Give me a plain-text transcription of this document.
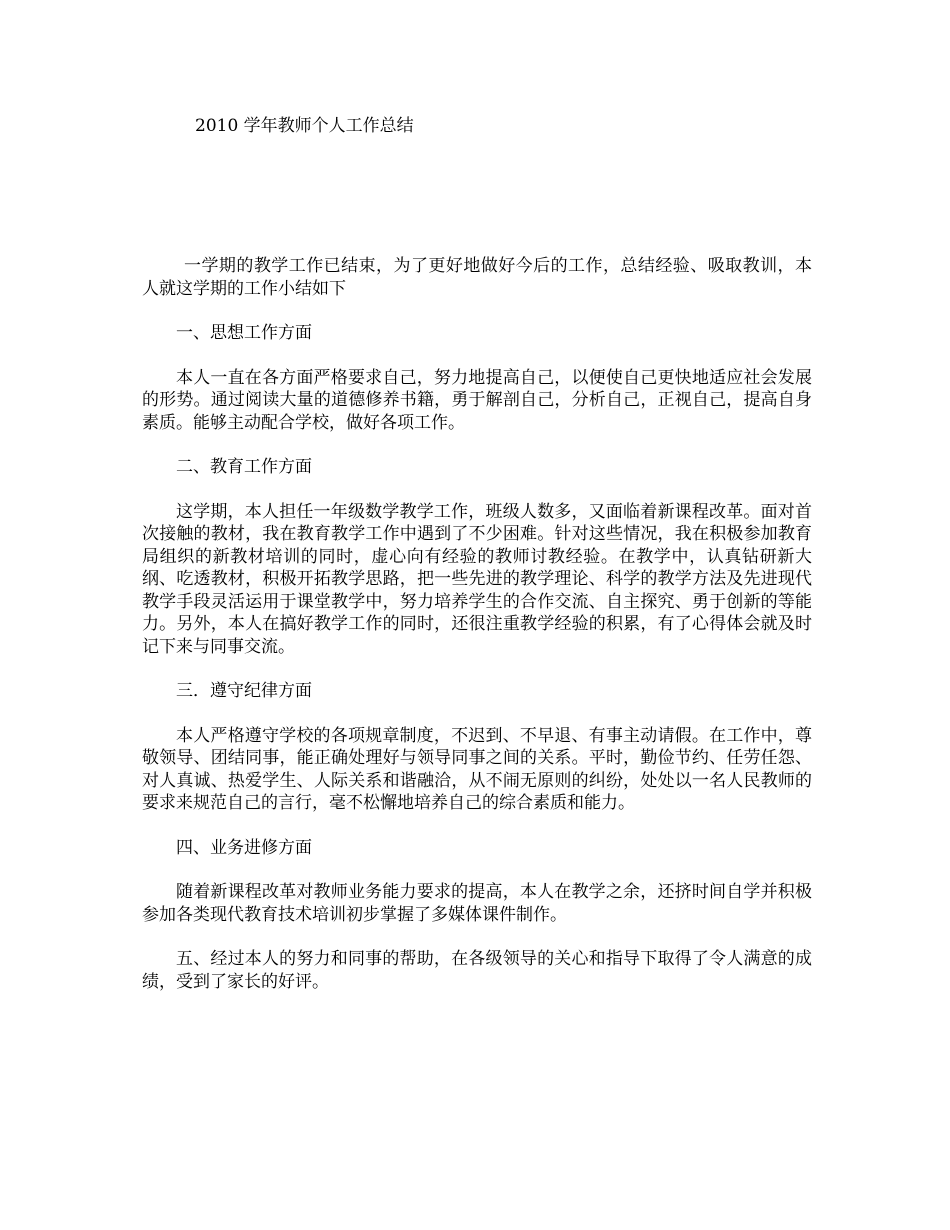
2010 学年教师个人工作总结

一学期的教学工作已结束，为了更好地做好今后的工作，总结经验、吸取教训，本人就这学期的工作小结如下

一、思想工作方面

本人一直在各方面严格要求自己，努力地提高自己，以便使自己更快地适应社会发展的形势。通过阅读大量的道德修养书籍，勇于解剖自己，分析自己，正视自己，提高自身素质。能够主动配合学校，做好各项工作。

二、教育工作方面

这学期，本人担任一年级数学教学工作，班级人数多，又面临着新课程改革。面对首次接触的教材，我在教育教学工作中遇到了不少困难。针对这些情况，我在积极参加教育局组织的新教材培训的同时，虚心向有经验的教师讨教经验。在教学中，认真钻研新大纲、吃透教材，积极开拓教学思路，把一些先进的教学理论、科学的教学方法及先进现代教学手段灵活运用于课堂教学中，努力培养学生的合作交流、自主探究、勇于创新的等能力。另外，本人在搞好教学工作的同时，还很注重教学经验的积累，有了心得体会就及时记下来与同事交流。

三．遵守纪律方面

本人严格遵守学校的各项规章制度，不迟到、不早退、有事主动请假。在工作中，尊敬领导、团结同事，能正确处理好与领导同事之间的关系。平时，勤俭节约、任劳任怨、对人真诚、热爱学生、人际关系和谐融洽，从不闹无原则的纠纷，处处以一名人民教师的要求来规范自己的言行，毫不松懈地培养自己的综合素质和能力。

四、业务进修方面

随着新课程改革对教师业务能力要求的提高，本人在教学之余，还挤时间自学并积极参加各类现代教育技术培训初步掌握了多媒体课件制作。

五、经过本人的努力和同事的帮助，在各级领导的关心和指导下取得了令人满意的成绩，受到了家长的好评。
